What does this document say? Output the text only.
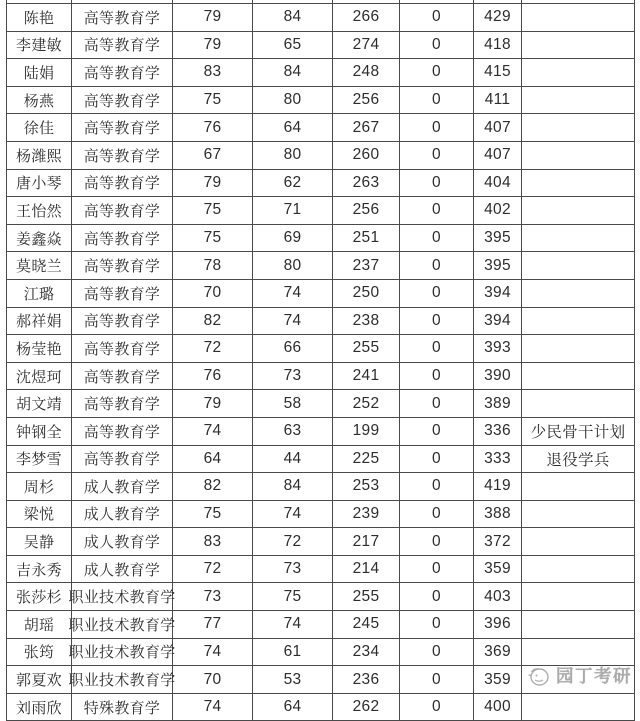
陈艳	高等教育学	79	84	266	0	429
李建敏	高等教育学	79	65	274	0	418
陆娟	高等教育学	83	84	248	0	415
杨燕	高等教育学	75	80	256	0	411
徐佳	高等教育学	76	64	267	0	407
杨潍熙	高等教育学	67	80	260	0	407
唐小琴	高等教育学	79	62	263	0	404
王怡然	高等教育学	75	71	256	0	402
姜鑫焱	高等教育学	75	69	251	0	395
莫晓兰	高等教育学	78	80	237	0	395
江璐	高等教育学	70	74	250	0	394
郝祥娟	高等教育学	82	74	238	0	394
杨莹艳	高等教育学	72	66	255	0	393
沈煜珂	高等教育学	76	73	241	0	390
胡文靖	高等教育学	79	58	252	0	389
钟钢全	高等教育学	74	63	199	0	336	少民骨干计划
李梦雪	高等教育学	64	44	225	0	333	退役学兵
周杉	成人教育学	82	84	253	0	419
梁悦	成人教育学	75	74	239	0	388
吴静	成人教育学	83	72	217	0	372
吉永秀	成人教育学	72	73	214	0	359
张莎杉 职业技术教育学	73	75	255	0	403
胡瑶 职业技术教育学	77	74	245	0	396
张筠 职业技术教育学	74	61	234	0	369
郭夏欢 职业技术教育学	70	53	236	0	359
刘雨欣	特殊教育学	74	64	262	0	400
园丁考研
